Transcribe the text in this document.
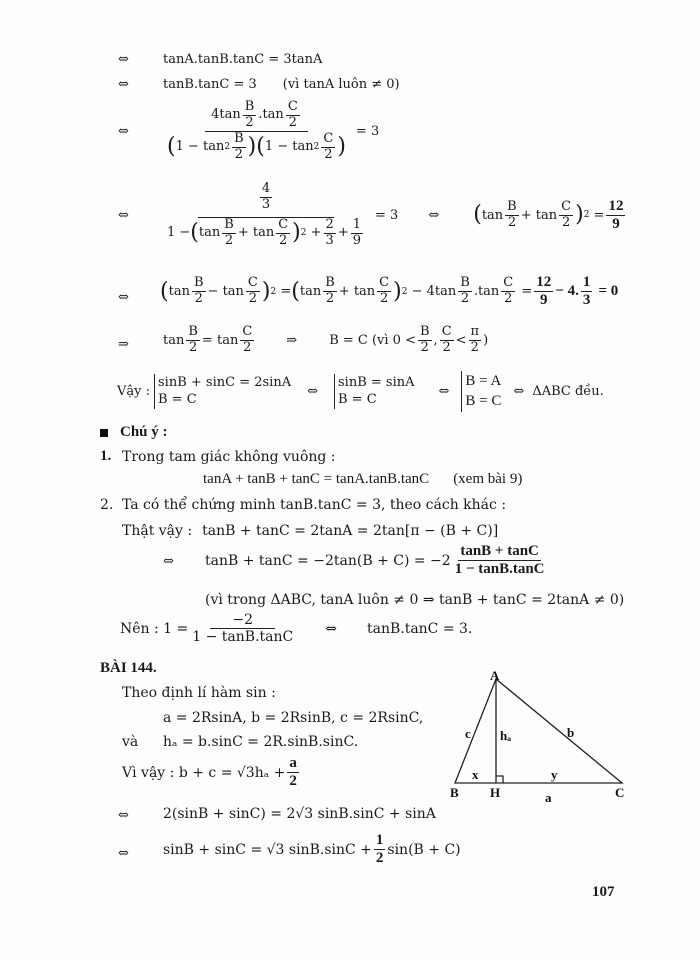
⇔	tanA.tanB.tanC = 3tanA
⇔	tanB.tanC = 3 (vì tanA luôn ≠ 0)
⇔	$\frac{4\tan \frac{B}{2} .\tan \frac{C}{2}}{( 1 - \tan 2 \frac{B}{2} ) ( 1 - \tan 2 \frac{C}{2} )} = 3$
⇔	$\frac{4}{3}$
1 − ( $\tan \frac{B}{2}$ +
$\tan \frac{C}{2}$ ) 2
+ $\frac{2}{3} + \frac{1}{9} = 3$ ⇔ ( $\tan \frac{B}{2}$ +
$\tan \frac{C}{2}$ ) 2
= $\frac{12}{9}$
⇔ ( $\tan \frac{B}{2}$ −
$\tan \frac{C}{2}$ ) 2
= ( $\tan \frac{B}{2}$ +
$\tan \frac{C}{2}$ ) 2
− $4\tan \frac{B}{2} .\tan \frac{C}{2}$
= $\frac{12}{9} - 4$. $\frac{1}{3}$
= 0
⇒	$\tan \frac{B}{2}$ =
$\tan \frac{C}{2}$ ⇒ B = C (vì $0 < \frac{B}{2}$ , $\frac{C}{2} < \frac{\pi}{2}$ )
Vậy :
sinB + sinC = 2sinA
B = C
⇔
sinB = sinA
B = C
⇔
B = A
B = C
⇔ ΔABC đều.
Chú ý :
1. Trong tam giác không vuông :
tanA + tanB + tanC = tanA.tanB.tanC (xem bài 9)
2. Ta có thể chứng minh tanB.tanC = 3, theo cách khác :
Thật vậy : tanB + tanC = 2tanA = 2tan[π − (B + C)]
⇔ $\tan B + \tan C = -2\tan(B + C) = -2 \frac{\tan B + \tan C}{1 - \tan B.\tan C}$
(vì trong ΔABC, tanA luôn ≠ 0 ⇒ tanB + tanC = 2tanA ≠ 0)
Nên : $1 = \frac{-2}{1 - \tan B.\tan C}$ ⇔ tanB.tanC = 3.
BÀI 144.
Theo định lí hàm sin :
a = 2RsinA, b = 2RsinB, c = 2RsinC,
và	hₐ = b.sinC = 2R.sinB.sinC.
Vì vậy : b + c =
√3 $h_a + \frac{a}{2}$
⇔ 2(sinB + sinC) = 2√3 sinB.sinC + sinA
⇔ sinB + sinC = √3 $\sin B.\sin C + \frac{1}{2} \sin(B + C)$
A
B H	C
a
b
c hₐ
x	y
107
